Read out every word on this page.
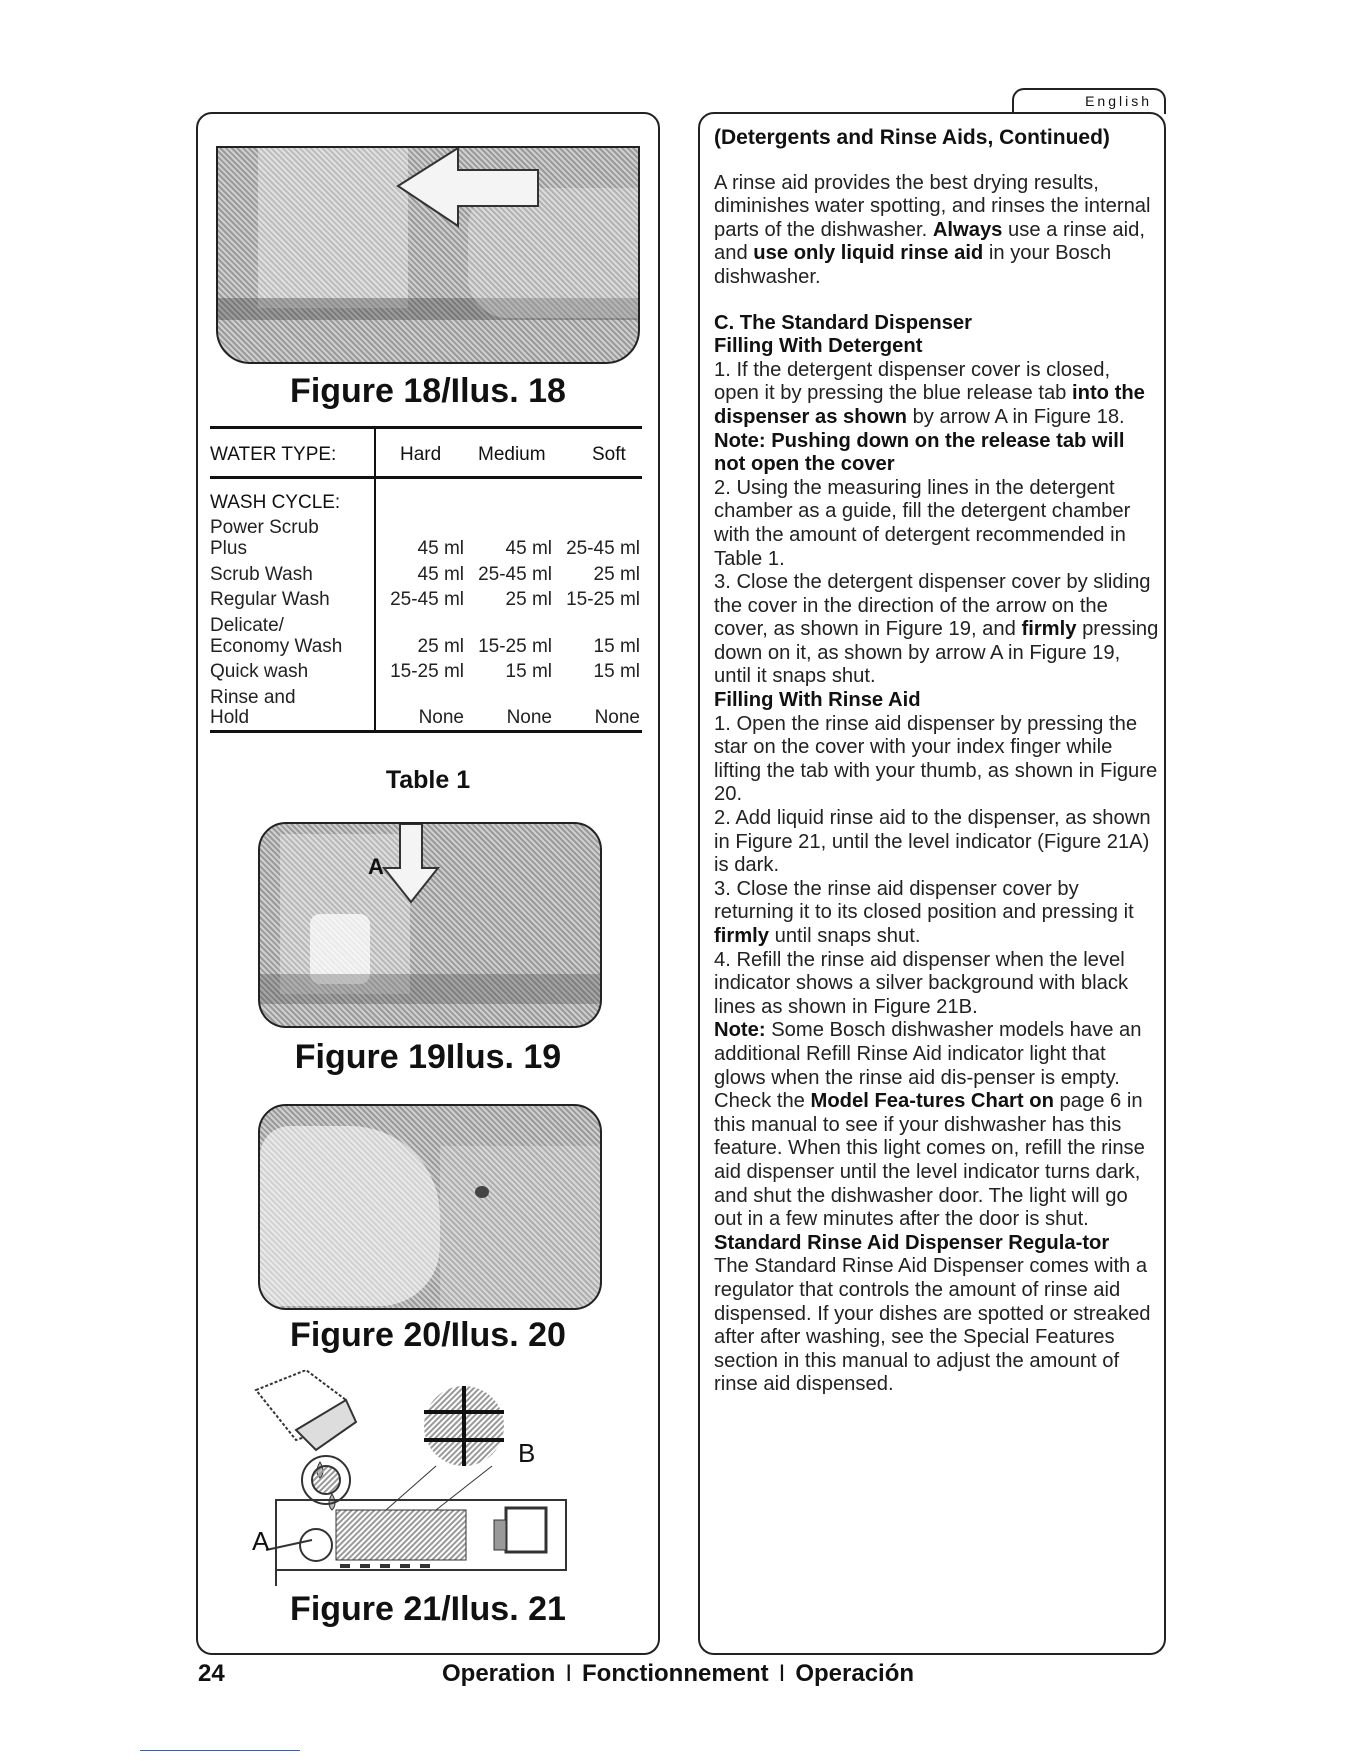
English
Figure 18/Ilus. 18
WATER TYPE:	Hard Medium Soft
WASH CYCLE:
Power Scrub
Plus	45 ml	45 ml 25-45 ml
Scrub Wash	45 ml 25-45 ml	25 ml
Regular Wash	25-45 ml	25 ml 15-25 ml
Delicate/
Economy Wash	25 ml 15-25 ml	15 ml
Quick wash	15-25 ml	15 ml	15 ml
Rinse and
Hold	None	None	None
Table 1
A
Figure 19Ilus. 19
Figure 20/Ilus. 20
A
B
Figure 21/Ilus. 21

(Detergents and Rinse Aids, Continued)

A rinse aid provides the best drying results, diminishes water spotting, and rinses the internal parts of the dishwasher. Always use a rinse aid, and use only liquid rinse aid in your Bosch dishwasher.

C. The Standard Dispenser

Filling With Detergent

1. If the detergent dispenser cover is closed, open it by pressing the blue release tab into the dispenser as shown by arrow A in Figure 18. Note: Pushing down on the release tab will not open the cover

2. Using the measuring lines in the detergent chamber as a guide, fill the detergent chamber with the amount of detergent recommended in Table 1.

3. Close the detergent dispenser cover by sliding the cover in the direction of the arrow on the cover, as shown in Figure 19, and firmly pressing down on it, as shown by arrow A in Figure 19, until it snaps shut.

Filling With Rinse Aid

1. Open the rinse aid dispenser by pressing the star on the cover with your index finger while lifting the tab with your thumb, as shown in Figure 20.

2. Add liquid rinse aid to the dispenser, as shown in Figure 21, until the level indicator (Figure 21A) is dark.

3. Close the rinse aid dispenser cover by returning it to its closed position and pressing it firmly until snaps shut.

4. Refill the rinse aid dispenser when the level indicator shows a silver background with black lines as shown in Figure 21B.

Note: Some Bosch dishwasher models have an additional Refill Rinse Aid indicator light that glows when the rinse aid dis-penser is empty. Check the Model Fea-tures Chart on page 6 in this manual to see if your dishwasher has this feature. When this light comes on, refill the rinse aid dispenser until the level indicator turns dark, and shut the dishwasher door. The light will go out in a few minutes after the door is shut.

Standard Rinse Aid Dispenser Regula-tor

The Standard Rinse Aid Dispenser comes with a regulator that controls the amount of rinse aid dispensed. If your dishes are spotted or streaked after after washing, see the Special Features section in this manual to adjust the amount of rinse aid dispensed.

24	Operation I Fonctionnement I Operación
